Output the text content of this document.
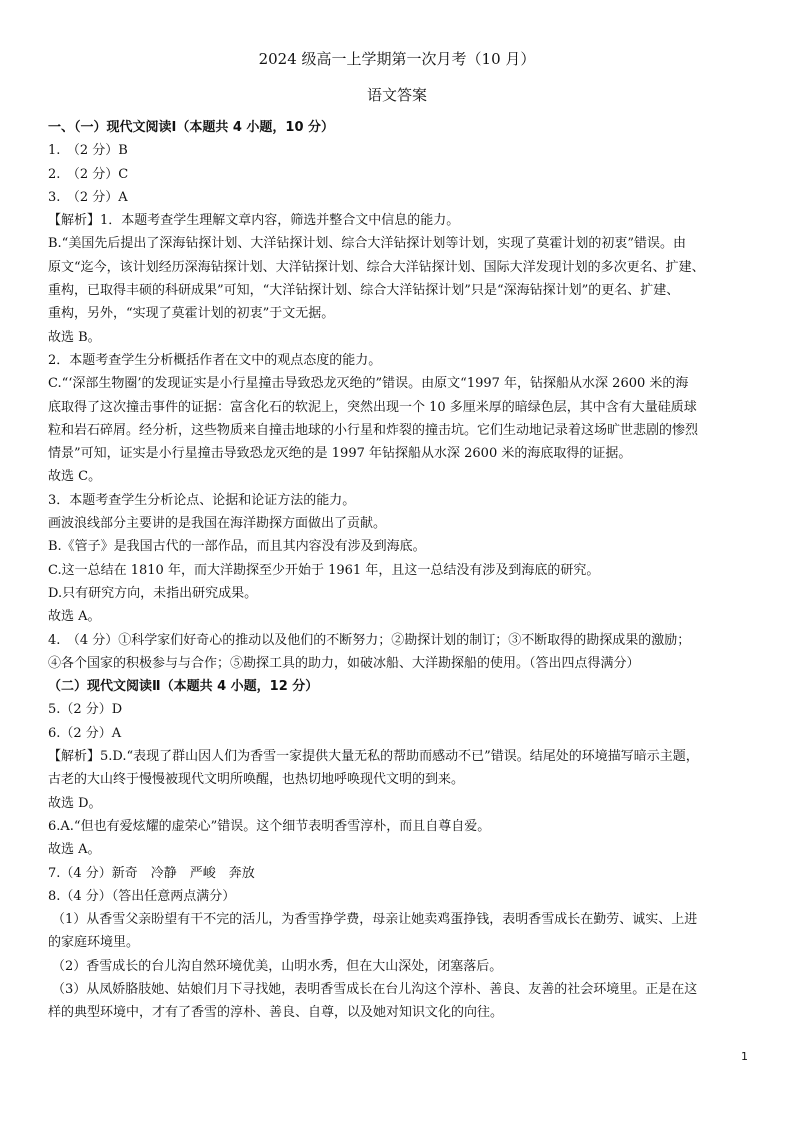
2024 级高一上学期第一次月考（10 月）
语文答案
一、（一）现代文阅读Ⅰ（本题共 4 小题，10 分）
1.　（2 分）B
2.　（2 分）C
3.　（2 分）A
【解析】1．本题考查学生理解文章内容，筛选并整合文中信息的能力。
B.“美国先后提出了深海钻探计划、大洋钻探计划、综合大洋钻探计划等计划，实现了莫霍计划的初衷”错误。由
原文“迄今，该计划经历深海钻探计划、大洋钻探计划、综合大洋钻探计划、国际大洋发现计划的多次更名、扩建、
重构，已取得丰硕的科研成果”可知，“大洋钻探计划、综合大洋钻探计划”只是“深海钻探计划”的更名、扩建、
重构，另外，“实现了莫霍计划的初衷”于文无据。
故选 B。
2．本题考查学生分析概括作者在文中的观点态度的能力。
C.“‘深部生物圈’的发现证实是小行星撞击导致恐龙灭绝的”错误。由原文“1997 年，钻探船从水深 2600 米的海
底取得了这次撞击事件的证据：富含化石的软泥上，突然出现一个 10 多厘米厚的暗绿色层，其中含有大量硅质球
粒和岩石碎屑。经分析，这些物质来自撞击地球的小行星和炸裂的撞击坑。它们生动地记录着这场旷世悲剧的惨烈
情景”可知，证实是小行星撞击导致恐龙灭绝的是 1997 年钻探船从水深 2600 米的海底取得的证据。
故选 C。
3．本题考查学生分析论点、论据和论证方法的能力。
画波浪线部分主要讲的是我国在海洋勘探方面做出了贡献。
B.《管子》是我国古代的一部作品，而且其内容没有涉及到海底。
C.这一总结在 1810 年，而大洋勘探至少开始于 1961 年，且这一总结没有涉及到海底的研究。
D.只有研究方向，未指出研究成果。
故选 A。
4.　（4 分）①科学家们好奇心的推动以及他们的不断努力；②勘探计划的制订；③不断取得的勘探成果的激励；
④各个国家的积极参与与合作；⑤勘探工具的助力，如破冰船、大洋勘探船的使用。（答出四点得满分）
（二）现代文阅读Ⅱ（本题共 4 小题，12 分）
5.（2 分）D
6.（2 分）A
【解析】5.D.“表现了群山因人们为香雪一家提供大量无私的帮助而感动不已”错误。结尾处的环境描写暗示主题，
古老的大山终于慢慢被现代文明所唤醒，也热切地呼唤现代文明的到来。
故选 D。
6.A.“但也有爱炫耀的虚荣心”错误。这个细节表明香雪淳朴，而且自尊自爱。
故选 A。
7.（4 分）新奇　冷静　严峻　奔放
8.（4 分）（答出任意两点满分）
（1）从香雪父亲盼望有干不完的活儿，为香雪挣学费，母亲让她卖鸡蛋挣钱，表明香雪成长在勤劳、诚实、上进
的家庭环境里。
（2）香雪成长的台儿沟自然环境优美，山明水秀，但在大山深处，闭塞落后。
（3）从凤娇胳肢她、姑娘们月下寻找她，表明香雪成长在台儿沟这个淳朴、善良、友善的社会环境里。正是在这
样的典型环境中，才有了香雪的淳朴、善良、自尊，以及她对知识文化的向往。
1
